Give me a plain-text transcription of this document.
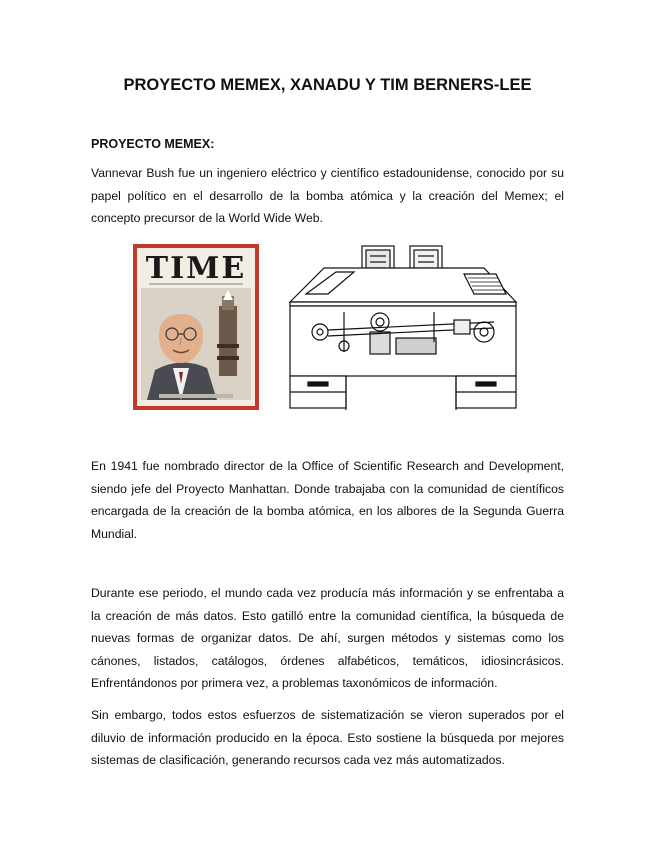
PROYECTO MEMEX, XANADU Y TIM BERNERS-LEE
PROYECTO MEMEX:

Vannevar Bush fue un ingeniero eléctrico y científico estadounidense, conocido por su papel político en el desarrollo de la bomba atómica y la creación del Memex; el concepto precursor de la World Wide Web.

TIME

En 1941 fue nombrado director de la Office of Scientific Research and Development, siendo jefe del Proyecto Manhattan. Donde trabajaba con la comunidad de científicos encargada de la creación de la bomba atómica, en los albores de la Segunda Guerra Mundial.

Durante ese periodo, el mundo cada vez producía más información y se enfrentaba a la creación de más datos. Esto gatilló entre la comunidad científica, la búsqueda de nuevas formas de organizar datos. De ahí, surgen métodos y sistemas como los cánones, listados, catálogos, órdenes alfabéticos, temáticos, idiosincrásicos. Enfrentándonos por primera vez, a problemas taxonómicos de información.

Sin embargo, todos estos esfuerzos de sistematización se vieron superados por el diluvio de información producido en la época. Esto sostiene la búsqueda por mejores sistemas de clasificación, generando recursos cada vez más automatizados.
